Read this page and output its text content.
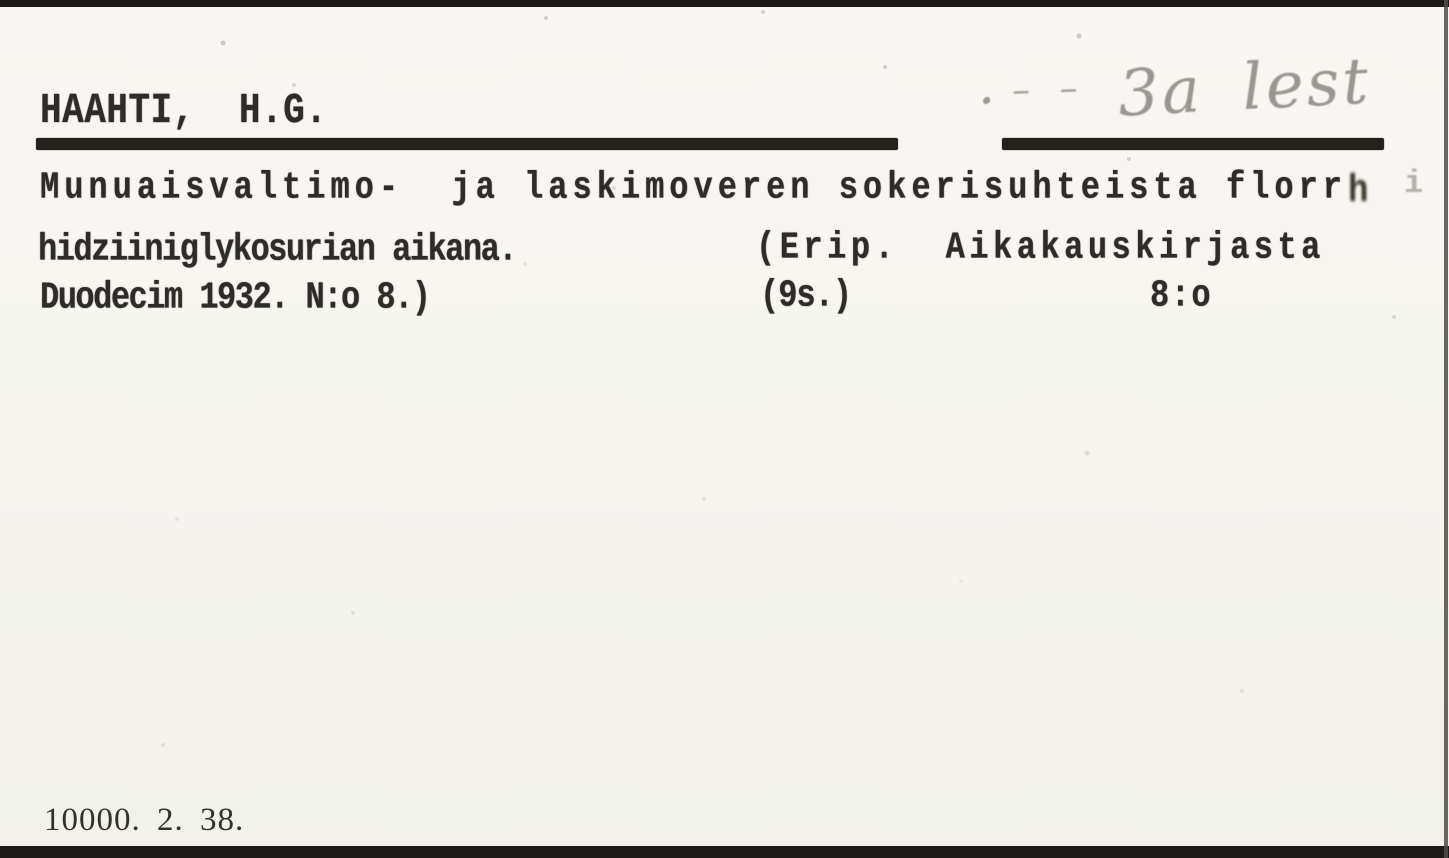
HAAHTI,  H.G.	· – – 3a lest
Munuaisvaltimo-  ja laskimoveren sokerisuhteista florr h i
hidziiniglykosurian aikana.	(Erip.  Aikakauskirjasta
Duodecim 1932. N:o 8.)	(9s.)	8:o
10000. 2. 38.
